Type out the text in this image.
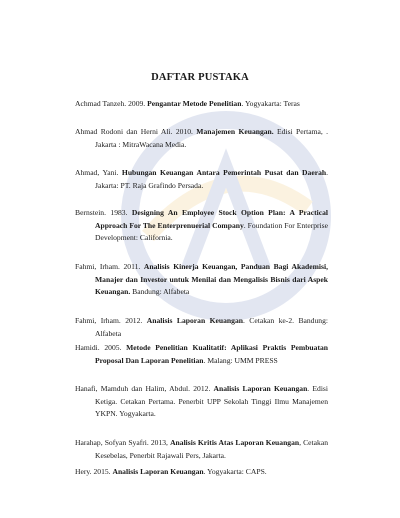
DAFTAR PUSTAKA
Achmad Tanzeh. 2009. Pengantar Metode Penelitian. Yogyakarta: Teras
Ahmad Rodoni dan Herni Ali. 2010. Manajemen Keuangan. Edisi Pertama, . Jakarta : MitraWacana Media.
Ahmad, Yani. Hubungan Keuangan Antara Pemerintah Pusat dan Daerah. Jakarta: PT. Raja Grafindo Persada.
Bernstein. 1983. Designing An Employee Stock Option Plan: A Practical Approach For The Enterprenuerial Company. Foundation For Enterprise Development: California.
Fahmi, Irham. 2011. Analisis Kinerja Keuangan, Panduan Bagi Akademisi, Manajer dan Investor untuk Menilai dan Mengalisis Bisnis dari Aspek Keuangan. Bandung: Alfabeta
Fahmi, Irham. 2012. Analisis Laporan Keuangan. Cetakan ke-2. Bandung: Alfabeta
Hamidi. 2005. Metode Penelitian Kualitatif: Aplikasi Praktis Pembuatan Proposal Dan Laporan Penelitian. Malang: UMM PRESS
Hanafi, Mamduh dan Halim, Abdul. 2012. Analisis Laporan Keuangan. Edisi Ketiga. Cetakan Pertama. Penerbit UPP Sekolah Tinggi Ilmu Manajemen YKPN. Yogyakarta.
Harahap, Sofyan Syafri. 2013, Analisis Kritis Atas Laporan Keuangan, Cetakan Kesebelas, Penerbit Rajawali Pers, Jakarta.
Hery. 2015. Analisis Laporan Keuangan. Yogyakarta: CAPS.
